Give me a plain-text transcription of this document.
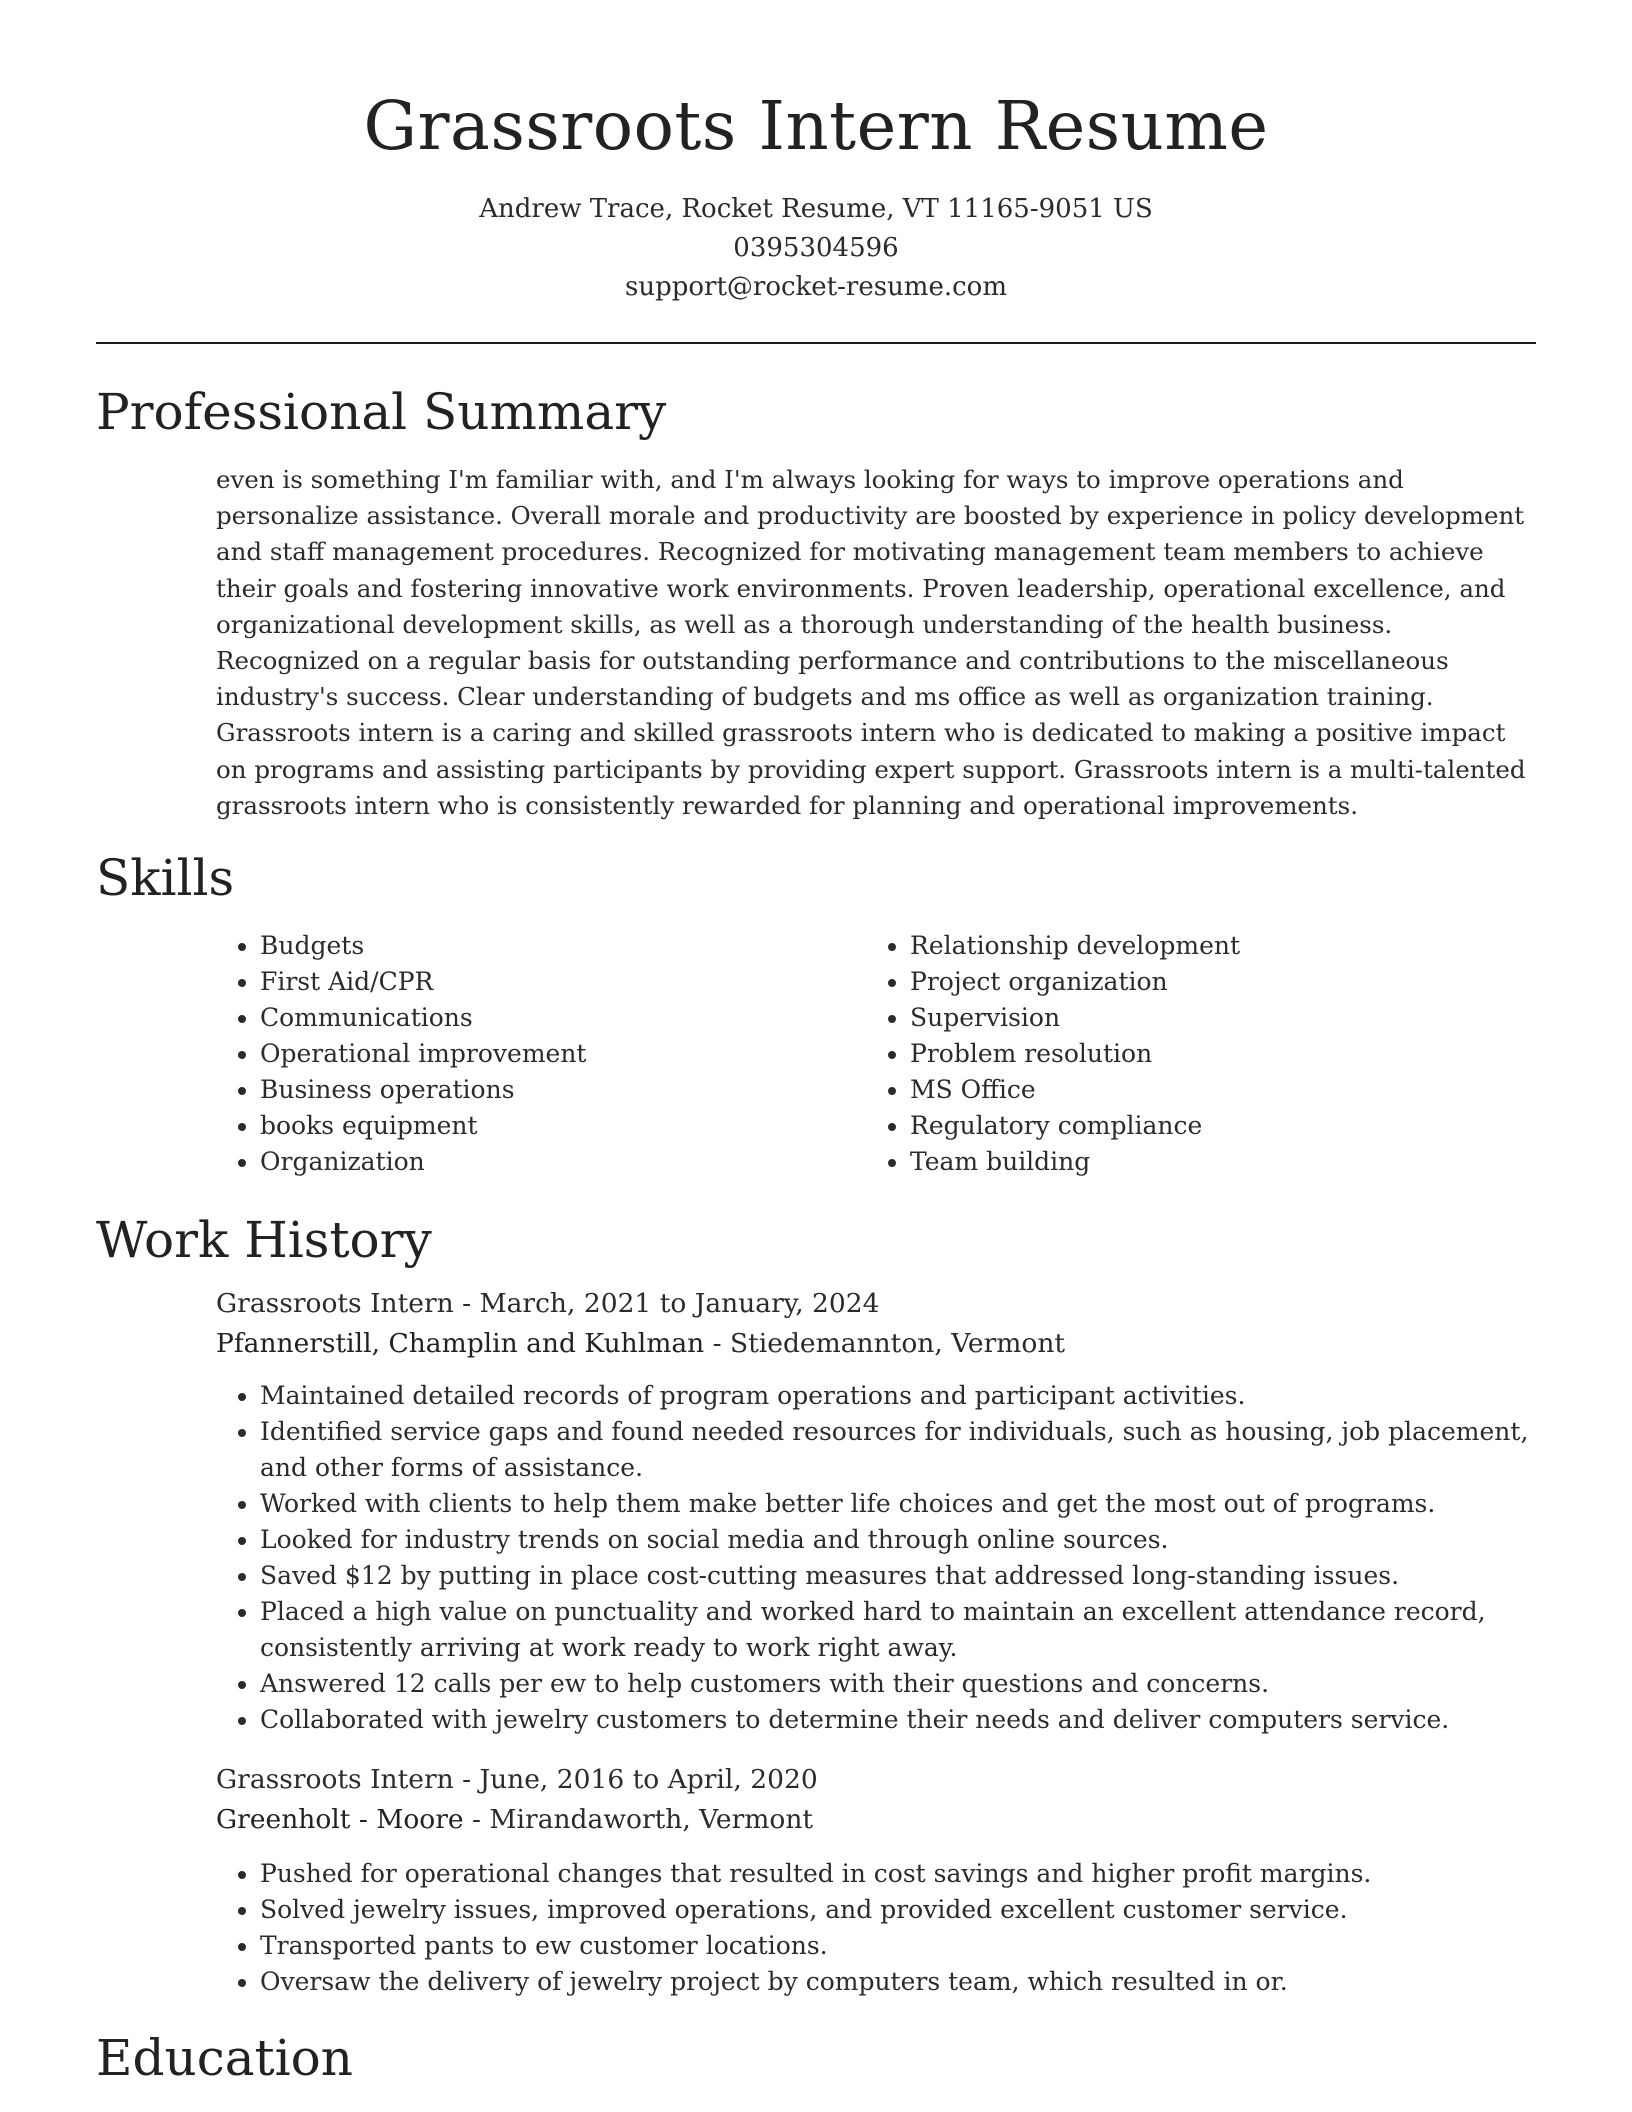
Grassroots Intern Resume
Andrew Trace, Rocket Resume, VT 11165-9051 US
0395304596
support@rocket-resume.com
Professional Summary

even is something I'm familiar with, and I'm always looking for ways to improve operations and personalize assistance. Overall morale and productivity are boosted by experience in policy development and staff management procedures. Recognized for motivating management team members to achieve their goals and fostering innovative work environments. Proven leadership, operational excellence, and organizational development skills, as well as a thorough understanding of the health business. Recognized on a regular basis for outstanding performance and contributions to the miscellaneous industry's success. Clear understanding of budgets and ms office as well as organization training. Grassroots intern is a caring and skilled grassroots intern who is dedicated to making a positive impact on programs and assisting participants by providing expert support. Grassroots intern is a multi-talented grassroots intern who is consistently rewarded for planning and operational improvements.

Skills
• Budgets
• First Aid/CPR
• Communications
• Operational improvement
• Business operations
• books equipment
• Organization
• Relationship development
• Project organization
• Supervision
• Problem resolution
• MS Office
• Regulatory compliance
• Team building
Work History
Grassroots Intern - March, 2021 to January, 2024
Pfannerstill, Champlin and Kuhlman - Stiedemannton, Vermont
• Maintained detailed records of program operations and participant activities.
• Identified service gaps and found needed resources for individuals, such as housing, job placement, and other forms of assistance.
• Worked with clients to help them make better life choices and get the most out of programs.
• Looked for industry trends on social media and through online sources.
• Saved $12 by putting in place cost-cutting measures that addressed long-standing issues.
• Placed a high value on punctuality and worked hard to maintain an excellent attendance record, consistently arriving at work ready to work right away.
• Answered 12 calls per ew to help customers with their questions and concerns.
• Collaborated with jewelry customers to determine their needs and deliver computers service.
Grassroots Intern - June, 2016 to April, 2020
Greenholt - Moore - Mirandaworth, Vermont
• Pushed for operational changes that resulted in cost savings and higher profit margins.
• Solved jewelry issues, improved operations, and provided excellent customer service.
• Transported pants to ew customer locations.
• Oversaw the delivery of jewelry project by computers team, which resulted in or.
Education
